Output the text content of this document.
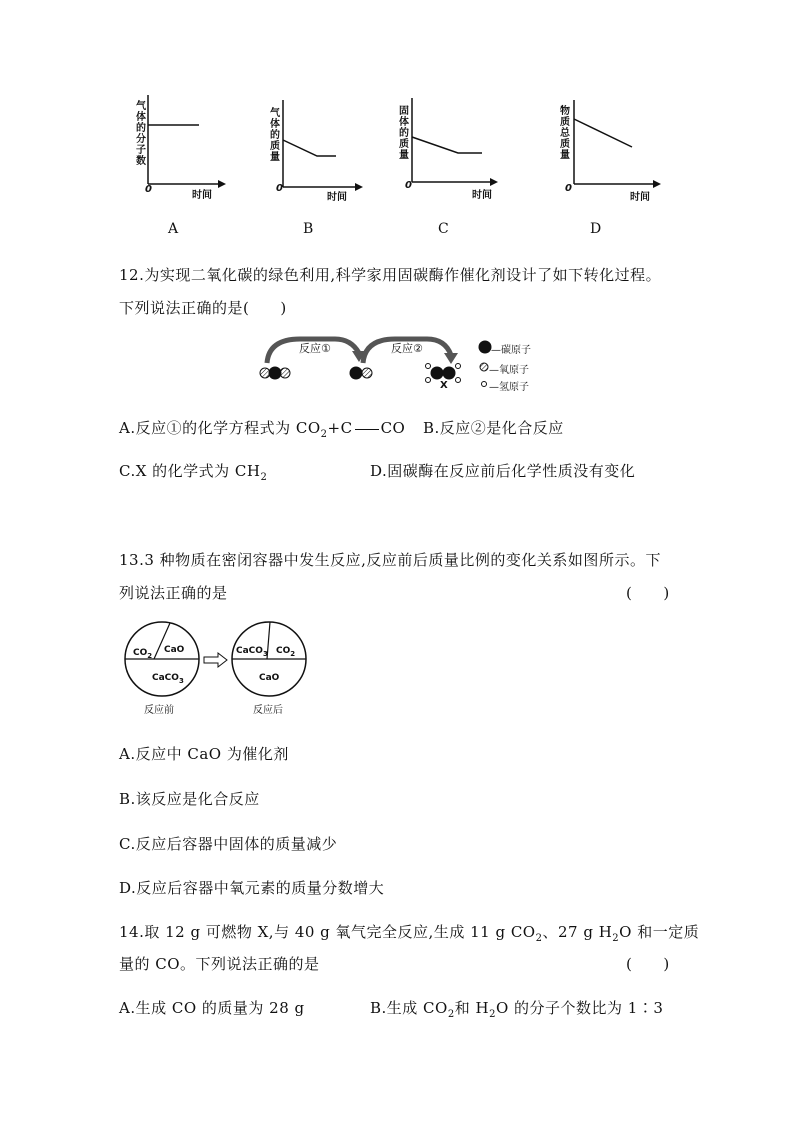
气体的分子数
0
时间
A
气体的质量
0
时间
B
固体的质量
0
时间
C
物质总质量
0
时间
D
12.为实现二氧化碳的绿色利用,科学家用固碳酶作催化剂设计了如下转化过程。
下列说法正确的是(　　)
反应①	反应②
X
—碳原子
—氧原子
—氢原子
A.反应①的化学方程式为 $CO_2+C$ CO B.反应②是化合反应
C.X 的化学式为 $CH_2$	D.固碳酶在反应前后化学性质没有变化
13.3 种物质在密闭容器中发生反应,反应前后质量比例的变化关系如图所示。下
列说法正确的是	(　　)
$CO_2$
CaO
CaCO$_3$
CaCO$_3$ $CO_2$
CaO
反应前	反应后
A.反应中 CaO 为催化剂
B.该反应是化合反应
C.反应后容器中固体的质量减少
D.反应后容器中氧元素的质量分数增大
14.取 12 g 可燃物 X,与 40 g 氧气完全反应,生成 11 g $CO_2$、27 g $H_2O$ 和一定质
量的 CO。下列说法正确的是	(　　)
A.生成 CO 的质量为 28 g	B.生成 $CO_2$和 $H_2O$ 的分子个数比为 1∶3
